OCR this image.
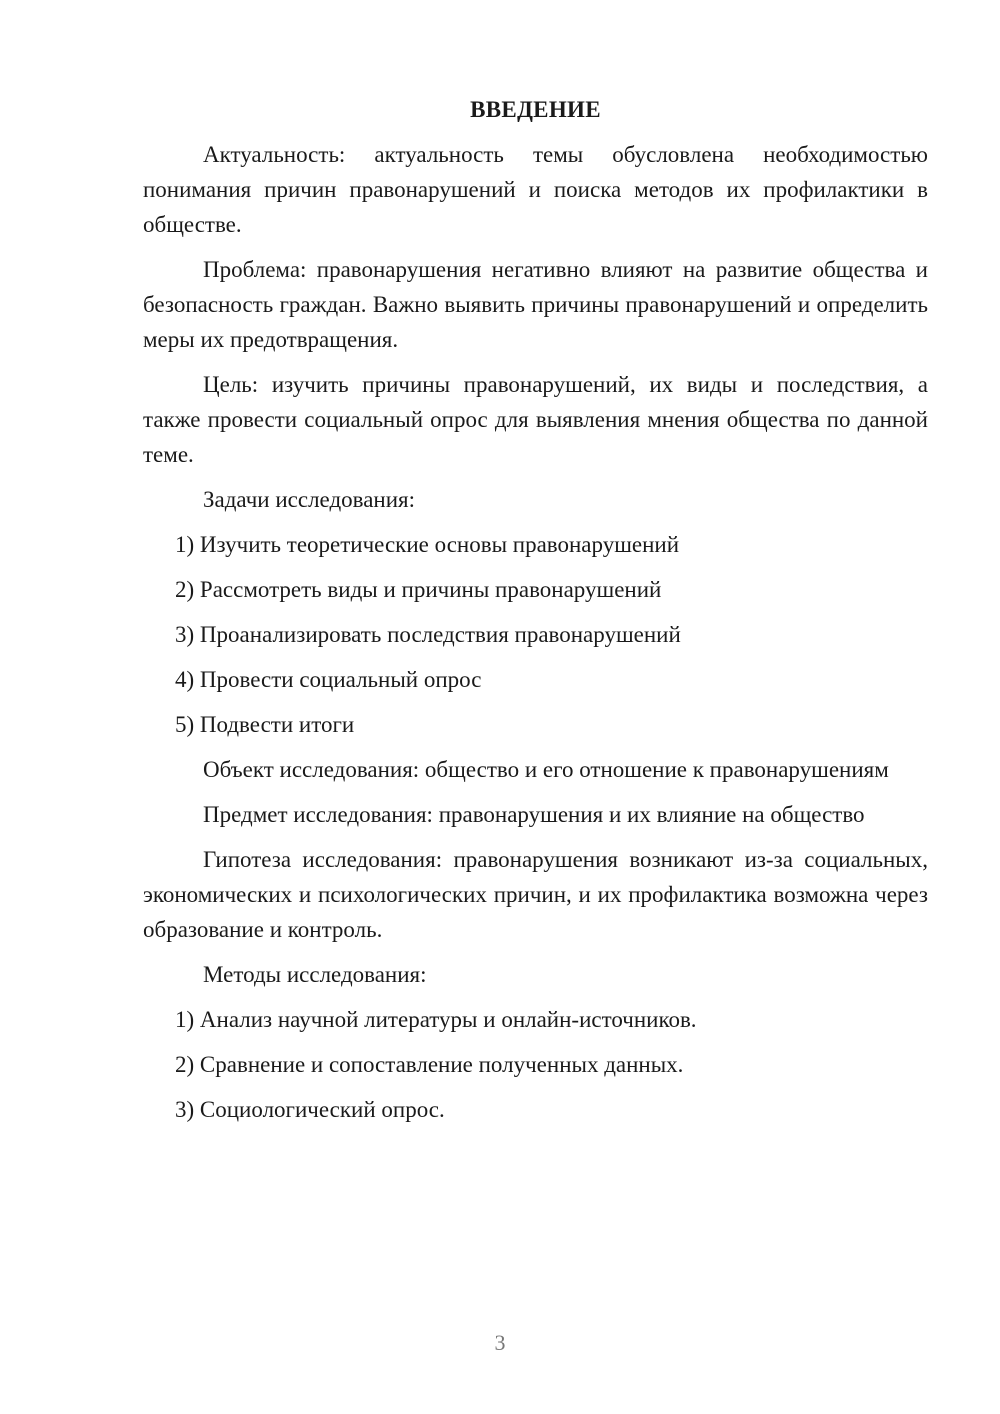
ВВЕДЕНИЕ

Актуальность: актуальность темы обусловлена необходимостью понимания причин правонарушений и поиска методов их профилактики в обществе.

Проблема: правонарушения негативно влияют на развитие общества и безопасность граждан. Важно выявить причины правонарушений и определить меры их предотвращения.

Цель: изучить причины правонарушений, их виды и последствия, а также провести социальный опрос для выявления мнения общества по данной теме.

Задачи исследования:

1) Изучить теоретические основы правонарушений
2) Рассмотреть виды и причины правонарушений
3) Проанализировать последствия правонарушений
4) Провести социальный опрос
5) Подвести итоги

Объект исследования: общество и его отношение к правонарушениям

Предмет исследования: правонарушения и их влияние на общество

Гипотеза исследования: правонарушения возникают из-за социальных, экономических и психологических причин, и их профилактика возможна через образование и контроль.

Методы исследования:

1) Анализ научной литературы и онлайн-источников.
2) Сравнение и сопоставление полученных данных.
3) Социологический опрос.
3
